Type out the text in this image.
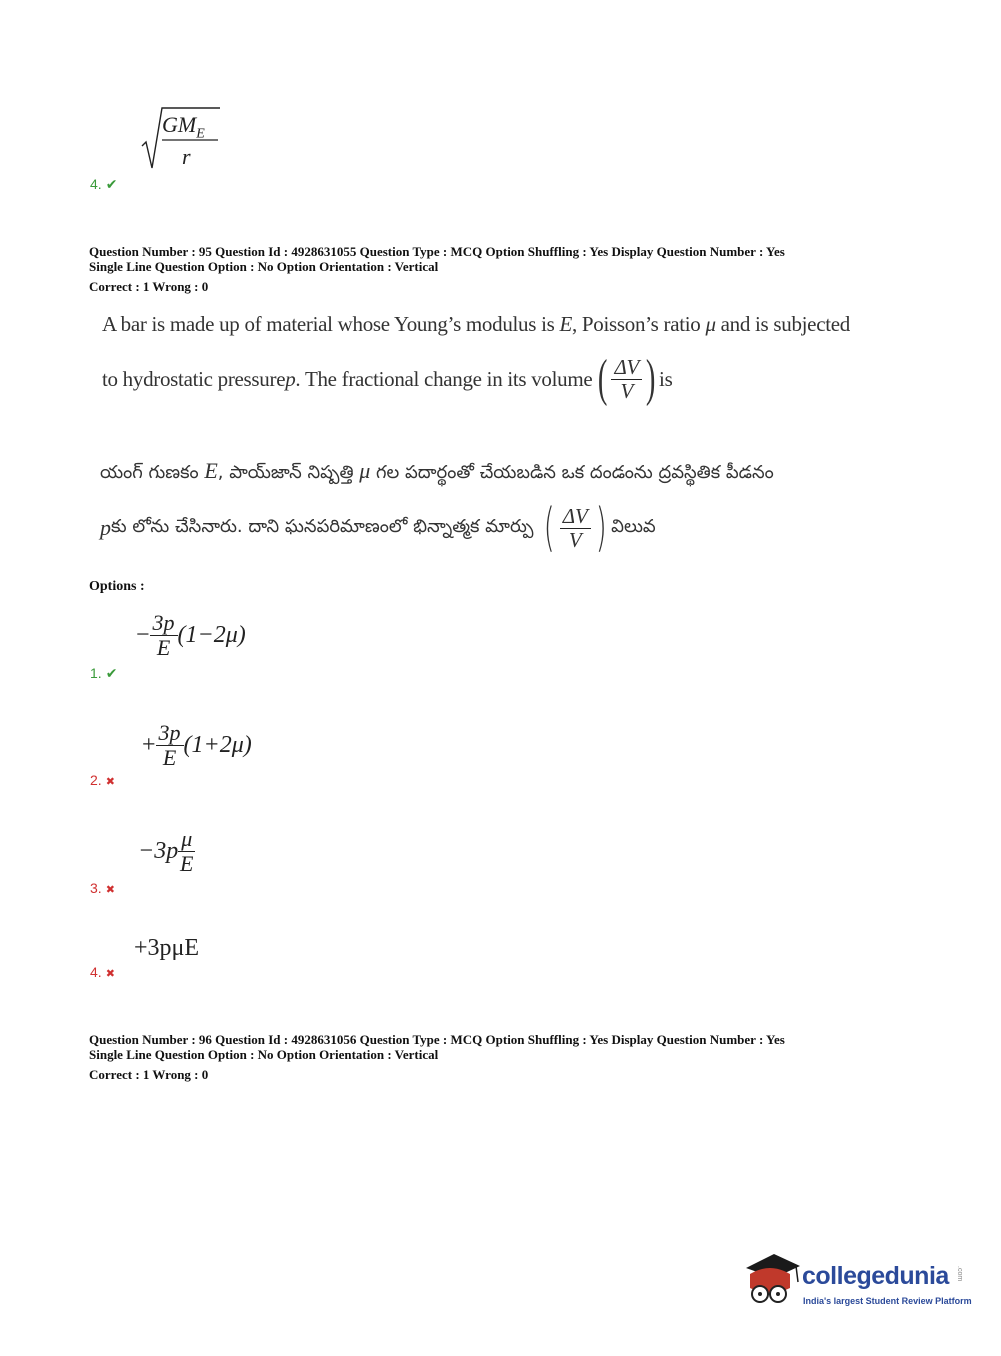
$GM_E$
r
4. ✔
Question Number : 95 Question Id : 4928631055 Question Type : MCQ Option Shuffling : Yes Display Question Number : Yes
Single Line Question Option : No Option Orientation : Vertical
Correct : 1 Wrong : 0
A bar is made up of material whose Young’s modulus is E, Poisson’s ratio μ and is subjected
to hydrostatic pressure p . The fractional change in its volume ( $\frac{\Delta V}{V}$ ) is
యంగ్ గుణకం E, పాయ్‌జాన్ నిష్పత్తి μ గల పదార్థంతో చేయబడిన ఒక దండంను ద్రవస్థితిక పీడనం
p కు లోను చేసినారు. దాని ఘనపరిమాణంలో భిన్నాత్మక మార్పు ( $\frac{\Delta V}{V}$ ) విలువ
Options :
− $\frac{3p}{E} (1-2\mu)$
1. ✔
+ $\frac{3p}{E} (1+2\mu)$
2. ✖
$-3p \frac{\mu}{E}$
3. ✖
+3pμE
4. ✖
Question Number : 96 Question Id : 4928631056 Question Type : MCQ Option Shuffling : Yes Display Question Number : Yes
Single Line Question Option : No Option Orientation : Vertical
Correct : 1 Wrong : 0
collegedunia .com
India's largest Student Review Platform
